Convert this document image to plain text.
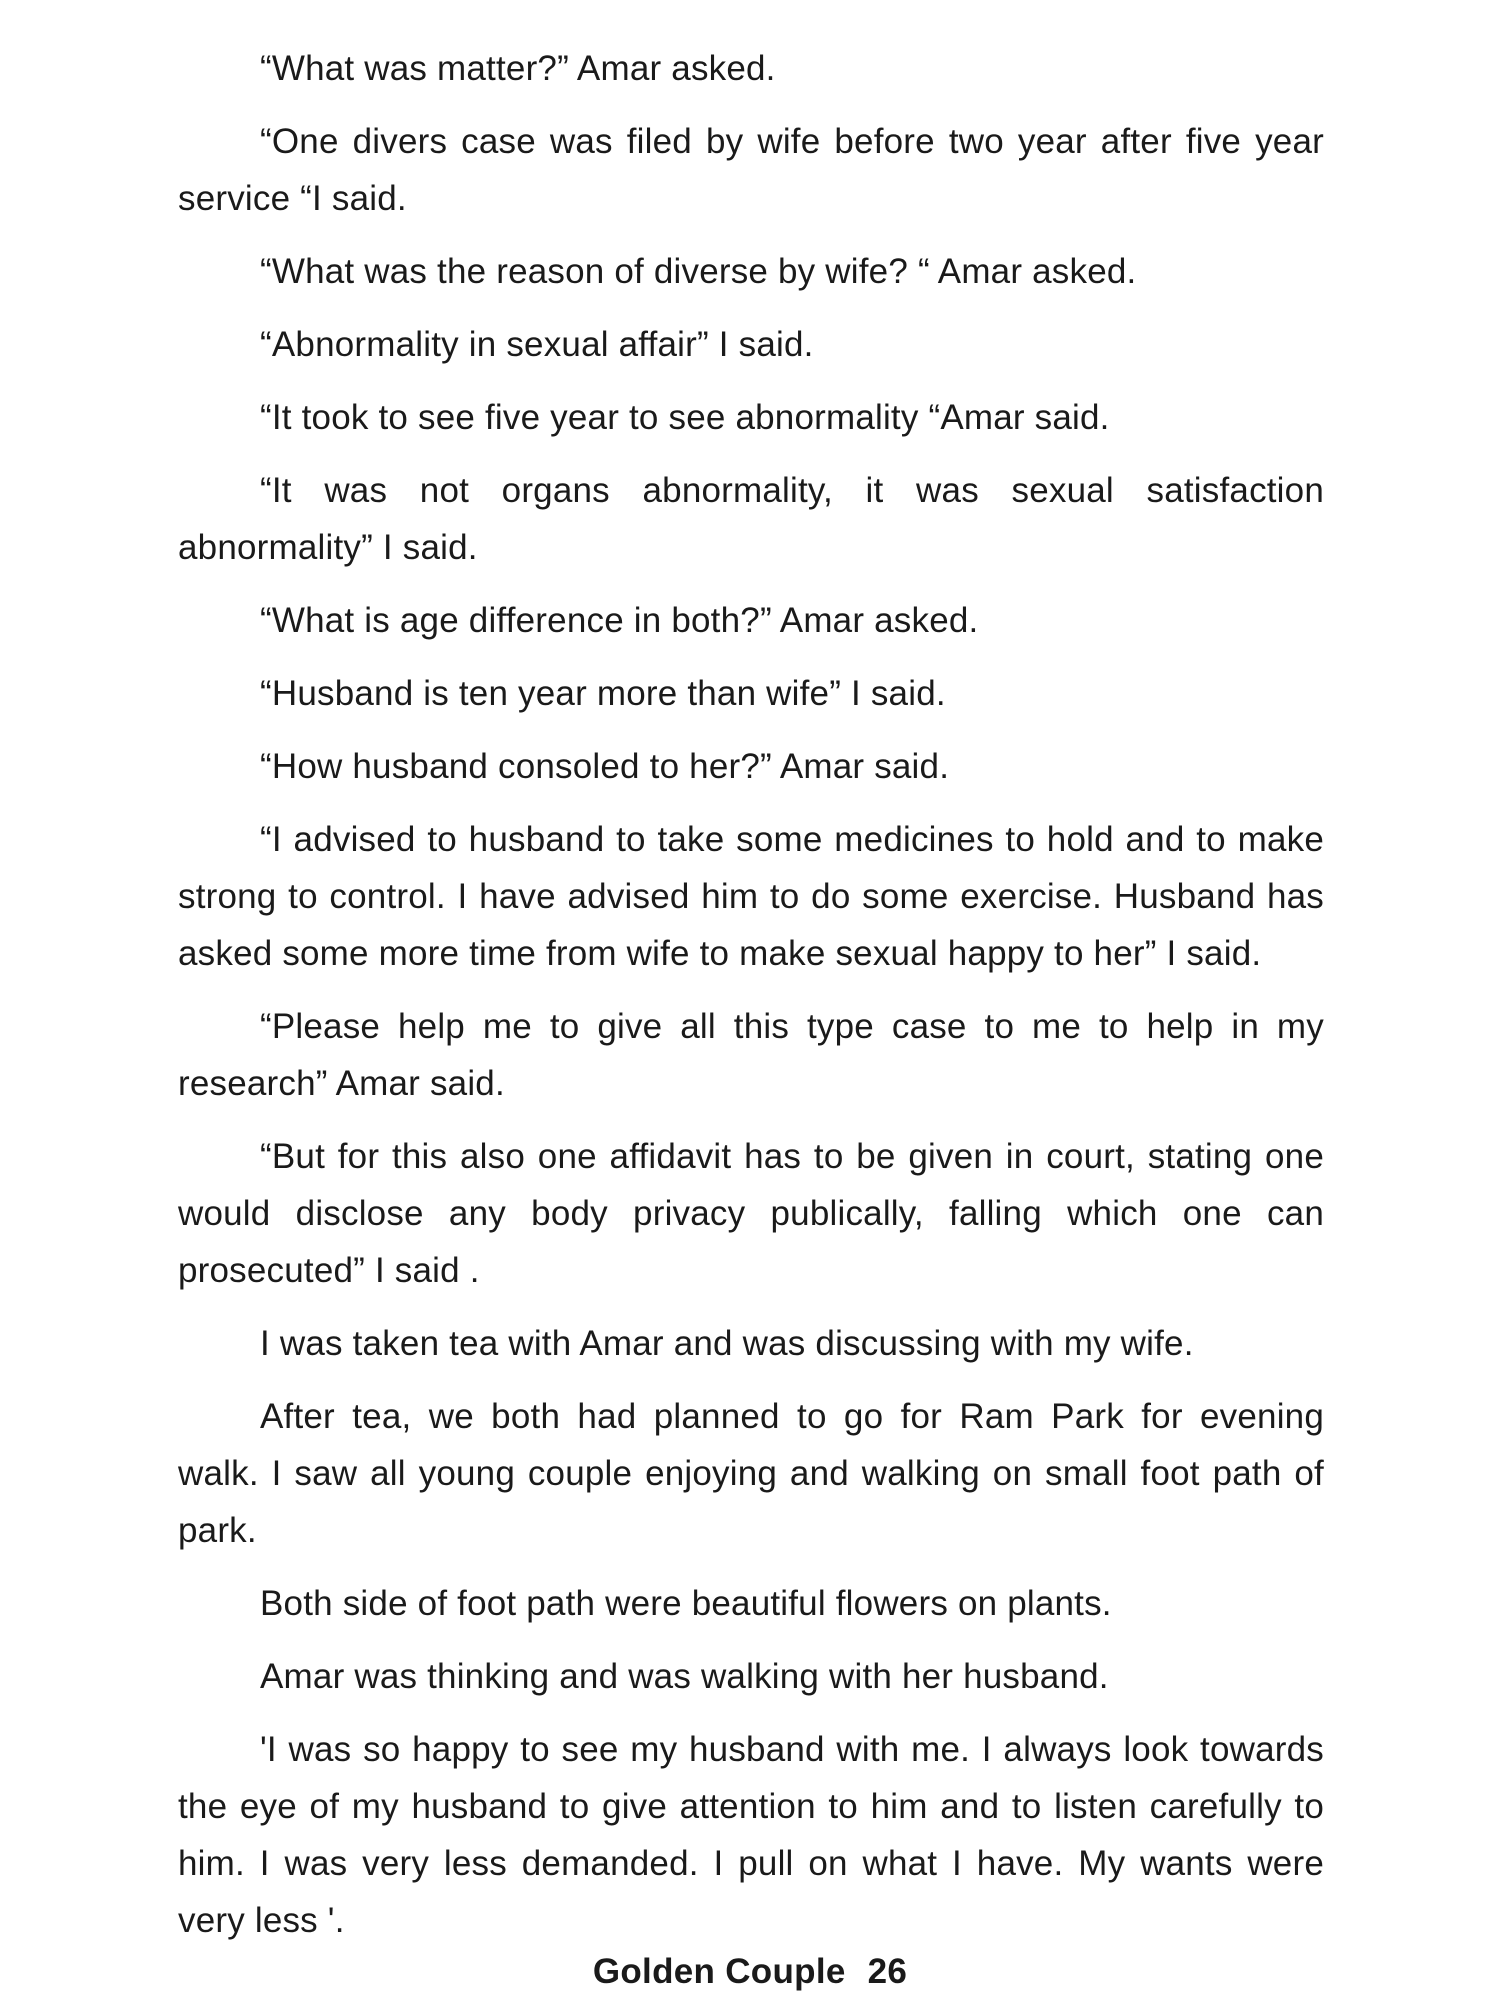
“What was matter?” Amar asked.

“One divers case was filed by wife before two year after five year service “I said.

“What was the reason of diverse by wife? “ Amar asked.

“Abnormality in sexual affair” I said.

“It took to see five year to see abnormality “Amar said.

“It was not organs abnormality, it was sexual satisfaction abnormality” I said.

“What is age difference in both?” Amar asked.

“Husband is ten year more than wife” I said.

“How husband consoled to her?” Amar said.

“I advised to husband to take some medicines to hold and to make strong to control. I have advised him to do some exercise. Husband has asked some more time from wife to make sexual happy to her” I said.

“Please help me to give all this type case to me to help in my research” Amar said.

“But for this also one affidavit has to be given in court, stating one would disclose any body privacy publically, falling which one can prosecuted” I said .

I was taken tea with Amar and was discussing with my wife.

After tea, we both had planned to go for Ram Park for evening walk. I saw all young couple enjoying and walking on small foot path of park.

Both side of foot path were beautiful flowers on plants.

Amar was thinking and was walking with her husband.

'I was so happy to see my husband with me. I always look towards the eye of my husband to give attention to him and to listen carefully to him. I was very less demanded. I pull on what I have. My wants were very less '.

Golden Couple 26
